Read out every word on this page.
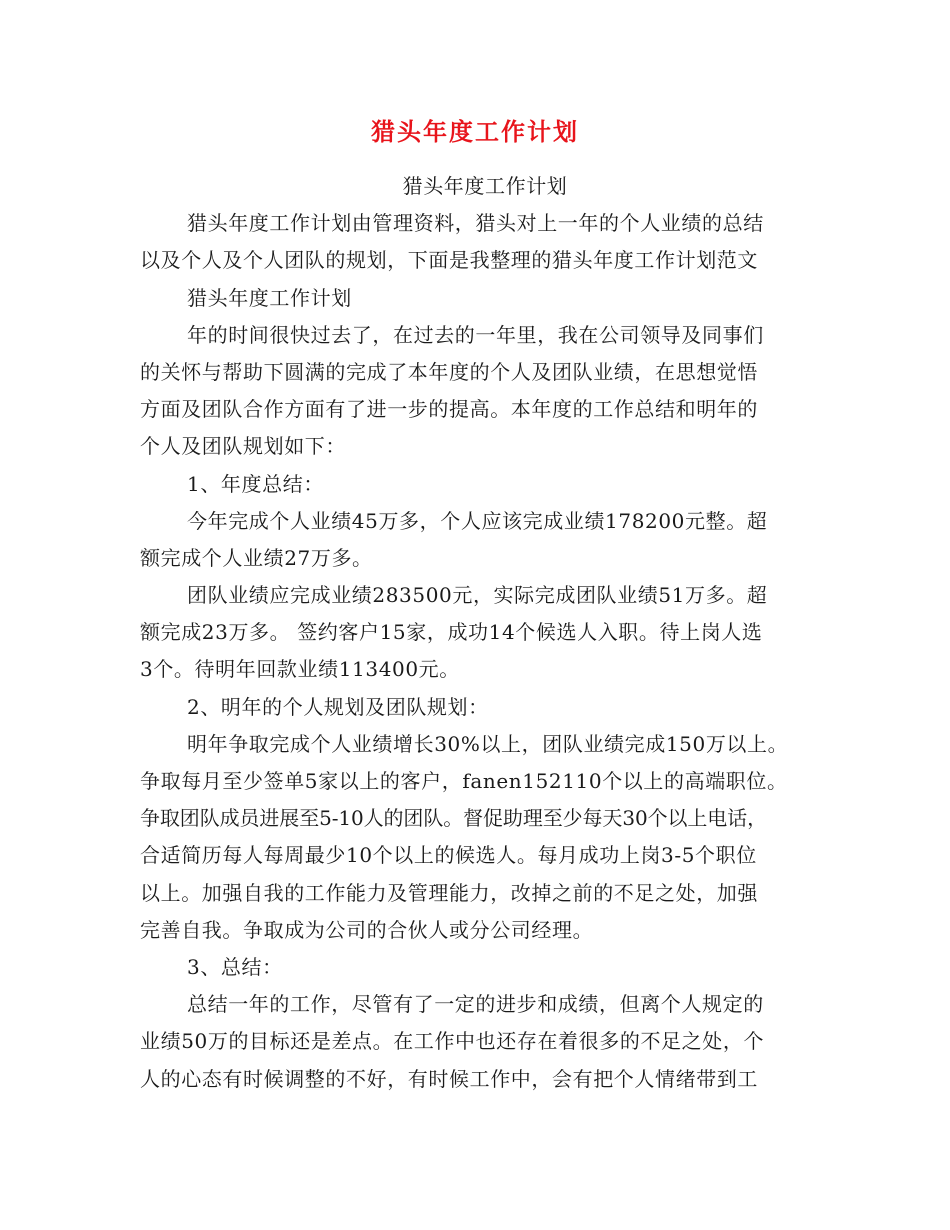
猎头年度工作计划

猎头年度工作计划

猎头年度工作计划由管理资料，猎头对上一年的个人业绩的总结

以及个人及个人团队的规划，下面是我整理的猎头年度工作计划范文

猎头年度工作计划

年的时间很快过去了，在过去的一年里，我在公司领导及同事们

的关怀与帮助下圆满的完成了本年度的个人及团队业绩，在思想觉悟

方面及团队合作方面有了进一步的提高。本年度的工作总结和明年的

个人及团队规划如下：

1、年度总结：

今年完成个人业绩45万多，个人应该完成业绩178200元整。超

额完成个人业绩27万多。

团队业绩应完成业绩283500元，实际完成团队业绩51万多。超

额完成23万多。 签约客户15家，成功14个候选人入职。待上岗人选

3个。待明年回款业绩113400元。

2、明年的个人规划及团队规划：

明年争取完成个人业绩增长30%以上，团队业绩完成150万以上。

争取每月至少签单5家以上的客户，fanen152110个以上的高端职位。

争取团队成员进展至5-10人的团队。督促助理至少每天30个以上电话，

合适简历每人每周最少10个以上的候选人。每月成功上岗3-5个职位

以上。加强自我的工作能力及管理能力，改掉之前的不足之处，加强

完善自我。争取成为公司的合伙人或分公司经理。

3、总结：

总结一年的工作，尽管有了一定的进步和成绩，但离个人规定的

业绩50万的目标还是差点。在工作中也还存在着很多的不足之处，个

人的心态有时候调整的不好，有时候工作中，会有把个人情绪带到工
